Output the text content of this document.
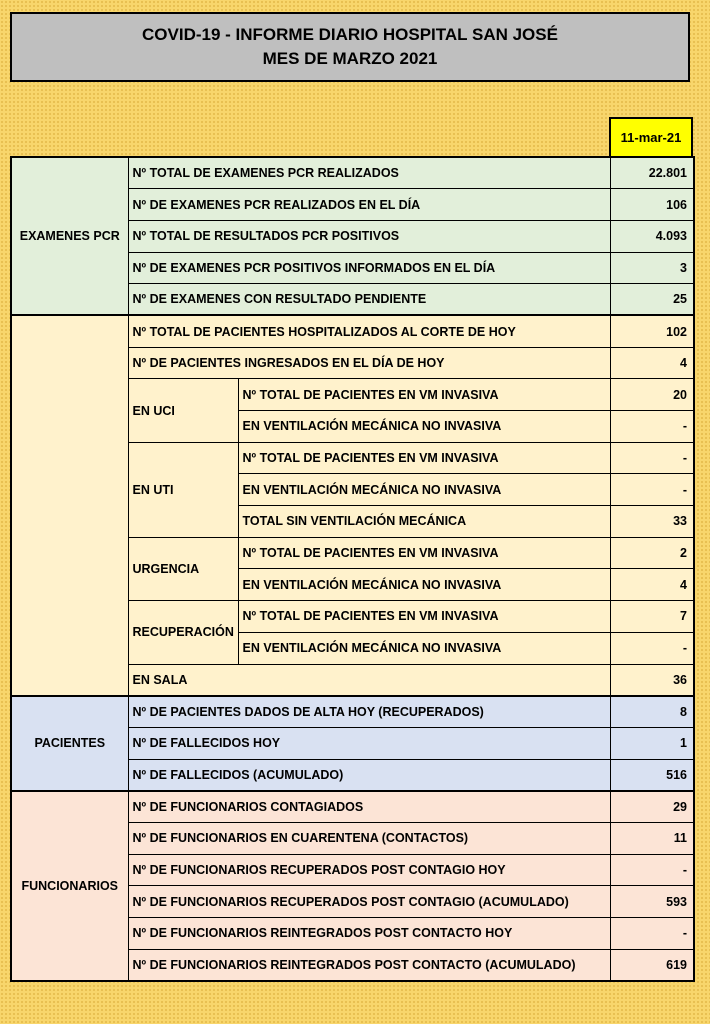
COVID-19 - INFORME DIARIO HOSPITAL SAN JOSÉ
MES DE MARZO 2021
11-mar-21
EXAMENES PCR	Nº TOTAL DE EXAMENES PCR REALIZADOS		22.801
	Nº DE EXAMENES PCR REALIZADOS EN EL DÍA		106
	Nº TOTAL DE RESULTADOS PCR POSITIVOS		4.093
	Nº DE EXAMENES PCR POSITIVOS INFORMADOS EN EL DÍA		3
	Nº DE EXAMENES CON RESULTADO PENDIENTE		25
	Nº TOTAL DE PACIENTES HOSPITALIZADOS AL CORTE DE HOY		102
	Nº DE PACIENTES INGRESADOS EN EL DÍA DE HOY		4
	EN UCI	Nº TOTAL DE PACIENTES EN VM INVASIVA	20
		EN VENTILACIÓN MECÁNICA NO INVASIVA	-
	EN UTI	Nº TOTAL DE PACIENTES EN VM INVASIVA	-
		EN VENTILACIÓN MECÁNICA NO INVASIVA	-
		TOTAL SIN VENTILACIÓN MECÁNICA	33
	URGENCIA	Nº TOTAL DE PACIENTES EN VM INVASIVA	2
		EN VENTILACIÓN MECÁNICA NO INVASIVA	4
	RECUPERACIÓN	Nº TOTAL DE PACIENTES EN VM INVASIVA	7
		EN VENTILACIÓN MECÁNICA NO INVASIVA	-
	EN SALA		36
PACIENTES	Nº DE PACIENTES DADOS DE ALTA HOY (RECUPERADOS)		8
	Nº DE FALLECIDOS HOY		1
	Nº DE FALLECIDOS (ACUMULADO)		516
FUNCIONARIOS	Nº DE FUNCIONARIOS CONTAGIADOS		29
	Nº DE FUNCIONARIOS EN CUARENTENA (CONTACTOS)		11
	Nº DE FUNCIONARIOS RECUPERADOS POST CONTAGIO HOY		-
	Nº DE FUNCIONARIOS RECUPERADOS POST CONTAGIO (ACUMULADO)		593
	Nº DE FUNCIONARIOS REINTEGRADOS POST CONTACTO HOY		-
	Nº DE FUNCIONARIOS REINTEGRADOS POST CONTACTO (ACUMULADO)		619
